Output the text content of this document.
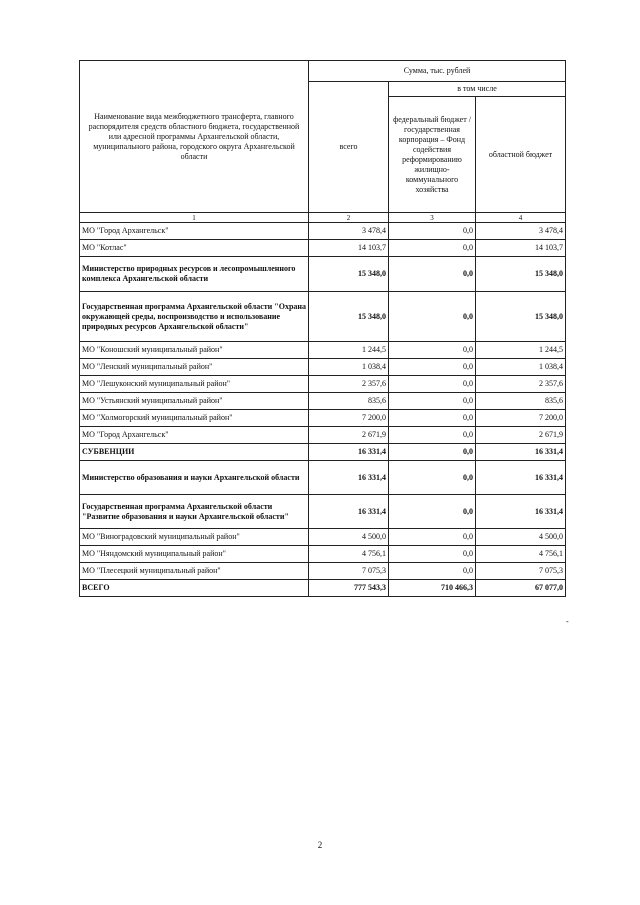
Наименование вида межбюджетного трансферта, главного распорядителя средств областного бюджета, государственной или адресной программы Архангельской области, муниципального района, городского округа Архангельской области	Сумма, тыс. рублей		
	всего	в том числе	
		федеральный бюджет / государственная корпорация – Фонд содействия реформированию жилищно-коммунального хозяйства	областной бюджет
1	2	3	4
МО "Город Архангельск"	3 478,4	0,0	3 478,4
МО "Котлас"	14 103,7	0,0	14 103,7
Министерство природных ресурсов и лесопромышленного комплекса Архангельской области	15 348,0	0,0	15 348,0
Государственная программа Архангельской области "Охрана окружающей среды, воспроизводство и использование природных ресурсов Архангельской области"	15 348,0	0,0	15 348,0
МО "Коношский муниципальный район"	1 244,5	0,0	1 244,5
МО "Ленский муниципальный район"	1 038,4	0,0	1 038,4
МО "Лешуконский муниципальный район"	2 357,6	0,0	2 357,6
МО "Устьянский муниципальный район"	835,6	0,0	835,6
МО "Холмогорский муниципальный район"	7 200,0	0,0	7 200,0
МО "Город Архангельск"	2 671,9	0,0	2 671,9
СУБВЕНЦИИ	16 331,4	0,0	16 331,4
Министерство образования и науки Архангельской области	16 331,4	0,0	16 331,4
Государственная программа Архангельской области "Развитие образования и науки Архангельской области"	16 331,4	0,0	16 331,4
МО "Виноградовский муниципальный район"	4 500,0	0,0	4 500,0
МО "Няндомский муниципальный район"	4 756,1	0,0	4 756,1
МО "Плесецкий муниципальный район"	7 075,3	0,0	7 075,3
ВСЕГО	777 543,3	710 466,3	67 077,0
-
2
